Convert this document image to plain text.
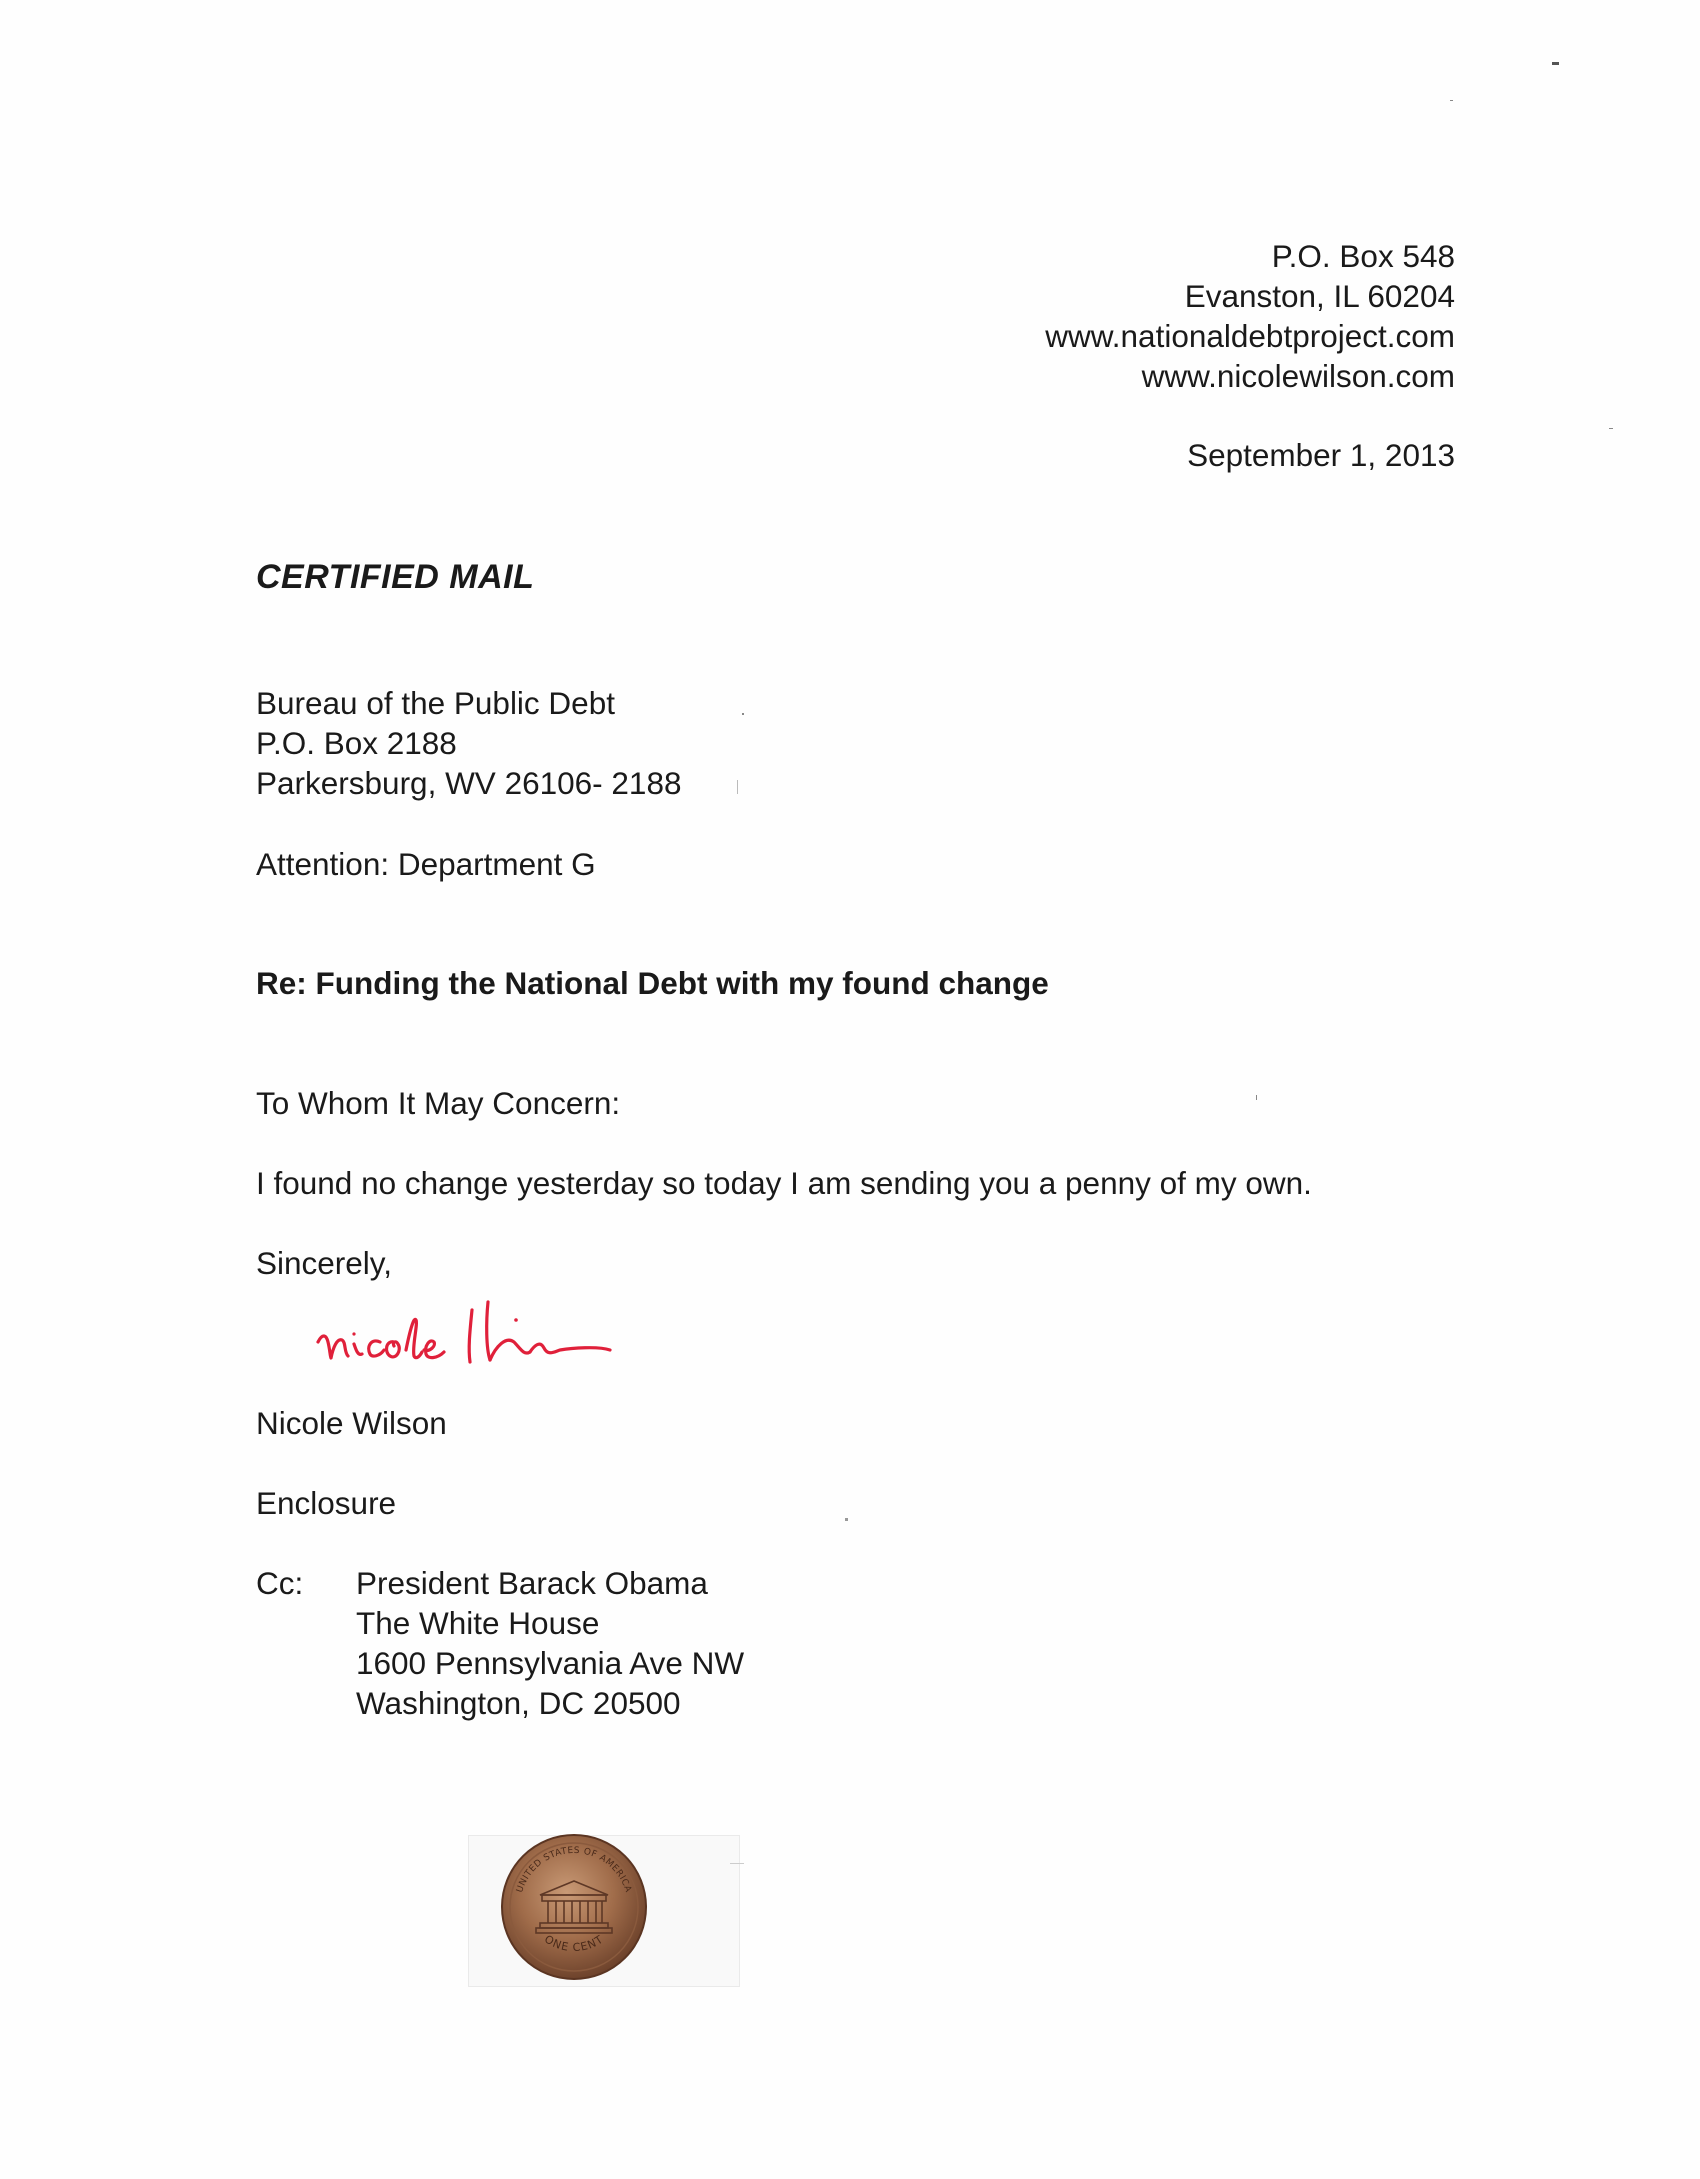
P.O. Box 548
Evanston, IL 60204
www.nationaldebtproject.com
www.nicolewilson.com
September 1, 2013
CERTIFIED MAIL
Bureau of the Public Debt
P.O. Box 2188
Parkersburg, WV 26106- 2188
Attention: Department G
Re: Funding the National Debt with my found change
To Whom It May Concern:
I found no change yesterday so today I am sending you a penny of my own.
Sincerely,
Nicole Wilson
Enclosure
Cc: President Barack Obama
The White House
1600 Pennsylvania Ave NW
Washington, DC 20500
UNITED STATES OF AMERICA
ONE CENT
